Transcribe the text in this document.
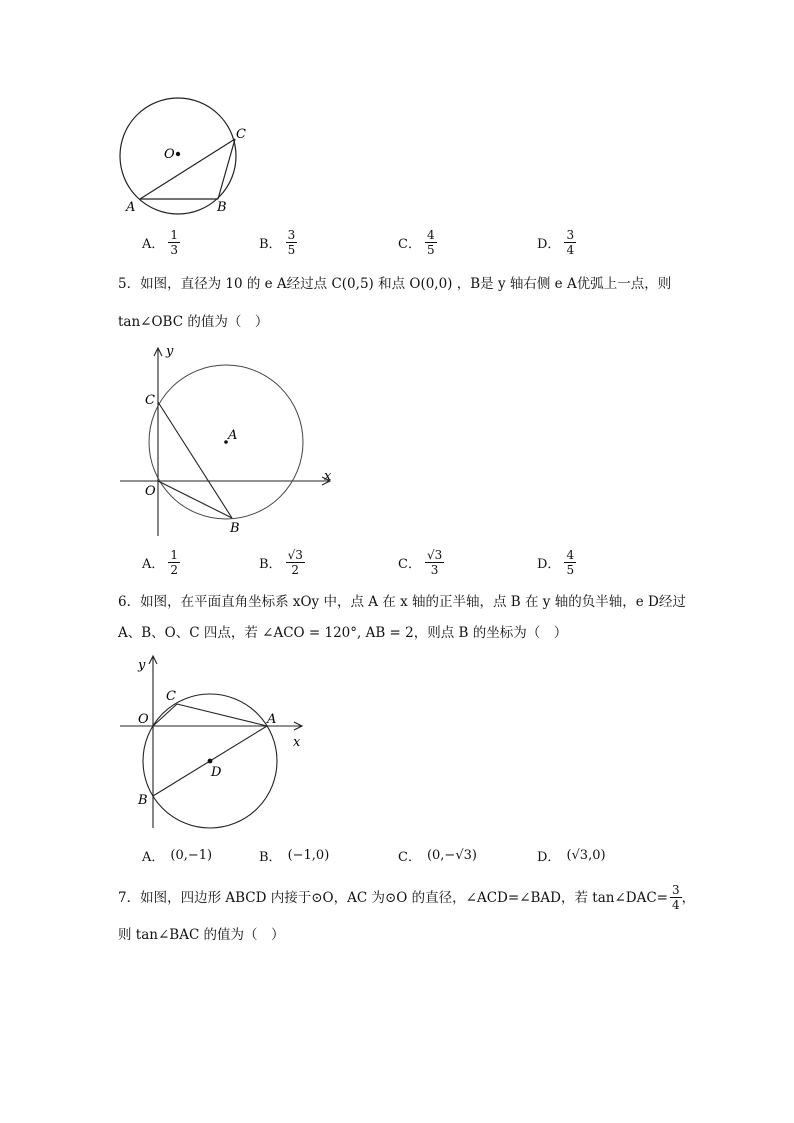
O
C
A	B
A． $\frac{1}{3}$	B． $\frac{3}{5}$	C． $\frac{4}{5}$	D． $\frac{3}{4}$
5．如图，直径为 10 的 e A经过点 C(0,5) 和点 O(0,0) ，B是 y 轴右侧 e A优弧上一点，则
tan∠OBC 的值为（　）
y
x
C
A
O
B
A． $\frac{1}{2}$	B． $\frac{√3}{2}$	C． $\frac{√3}{3}$	D． $\frac{4}{5}$
6．如图，在平面直角坐标系 xOy 中，点 A 在 x 轴的正半轴，点 B 在 y 轴的负半轴，e D经过
A、B、O、C 四点，若 ∠ACO = 120°, AB = 2，则点 B 的坐标为（　）
y
x
C
O	A
D
B
A． (0,−1)	B． (−1,0)	C． (0,−√3)	D． (√3,0)
7．如图，四边形 ABCD 内接于⊙O，AC 为⊙O 的直径，∠ACD=∠BAD，若 tan∠DAC= $\frac{3}{4}$ ，
则 tan∠BAC 的值为（　）
